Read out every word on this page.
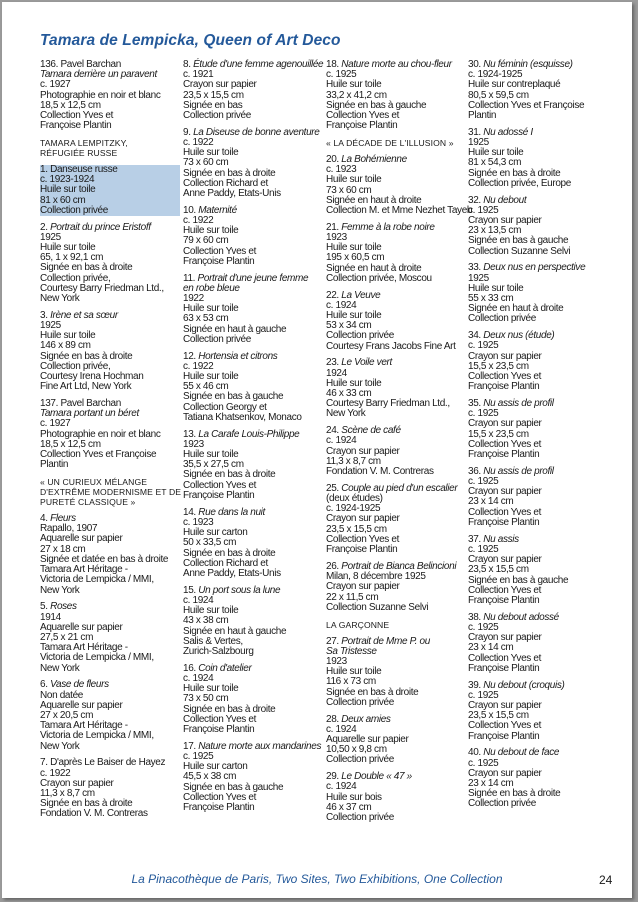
Tamara de Lempicka, Queen of Art Deco
136. Pavel Barchan
Tamara derrière un paravent
c. 1927
Photographie en noir et blanc
18,5 x 12,5 cm
Collection Yves et
Françoise Plantin
TAMARA LEMPITZKY,
RÉFUGIÉE RUSSE
1. Danseuse russe
c. 1923-1924
Huile sur toile
81 x 60 cm
Collection privée
2. Portrait du prince Eristoff
1925
Huile sur toile
65, 1 x 92,1 cm
Signée en bas à droite
Collection privée,
Courtesy Barry Friedman Ltd.,
New York
3. Irène et sa sœur
1925
Huile sur toile
146 x 89 cm
Signée en bas à droite
Collection privée,
Courtesy Irena Hochman
Fine Art Ltd, New York
137. Pavel Barchan
Tamara portant un béret
c. 1927
Photographie en noir et blanc
18,5 x 12,5 cm
Collection Yves et Françoise
Plantin
« UN CURIEUX MÉLANGE
D'EXTRÊME MODERNISME ET DE
PURETÉ CLASSIQUE »
4. Fleurs
Rapallo, 1907
Aquarelle sur papier
27 x 18 cm
Signée et datée en bas à droite
Tamara Art Héritage -
Victoria de Lempicka / MMI,
New York
5. Roses
1914
Aquarelle sur papier
27,5 x 21 cm
Tamara Art Héritage -
Victoria de Lempicka / MMI,
New York
6. Vase de fleurs
Non datée
Aquarelle sur papier
27 x 20,5 cm
Tamara Art Héritage -
Victoria de Lempicka / MMI,
New York
7. D'après Le Baiser de Hayez
c. 1922
Crayon sur papier
11,3 x 8,7 cm
Signée en bas à droite
Fondation V. M. Contreras
8. Étude d'une femme agenouillée
c. 1921
Crayon sur papier
23,5 x 15,5 cm
Signée en bas
Collection privée
9. La Diseuse de bonne aventure
c. 1922
Huile sur toile
73 x 60 cm
Signée en bas à droite
Collection Richard et
Anne Paddy, Etats-Unis
10. Maternité
c. 1922
Huile sur toile
79 x 60 cm
Collection Yves et
Françoise Plantin
11. Portrait d'une jeune femme
en robe bleue
1922
Huile sur toile
63 x 53 cm
Signée en haut à gauche
Collection privée
12. Hortensia et citrons
c. 1922
Huile sur toile
55 x 46 cm
Signée en bas à gauche
Collection Georgy et
Tatiana Khatsenkov, Monaco
13. La Carafe Louis-Philippe
1923
Huile sur toile
35,5 x 27,5 cm
Signée en bas à droite
Collection Yves et
Françoise Plantin
14. Rue dans la nuit
c. 1923
Huile sur carton
50 x 33,5 cm
Signée en bas à droite
Collection Richard et
Anne Paddy, Etats-Unis
15. Un port sous la lune
c. 1924
Huile sur toile
43 x 38 cm
Signée en haut à gauche
Salis & Vertes,
Zurich-Salzbourg
16. Coin d'atelier
c. 1924
Huile sur toile
73 x 50 cm
Signée en bas à droite
Collection Yves et
Françoise Plantin
17. Nature morte aux mandarines
c. 1925
Huile sur carton
45,5 x 38 cm
Signée en bas à gauche
Collection Yves et
Françoise Plantin
18. Nature morte au chou-fleur
c. 1925
Huile sur toile
33,2 x 41,2 cm
Signée en bas à gauche
Collection Yves et
Françoise Plantin
« LA DÉCADE DE L'ILLUSION »
20. La Bohémienne
c. 1923
Huile sur toile
73 x 60 cm
Signée en haut à droite
Collection M. et Mme Nezhet Tayeb
21. Femme à la robe noire
1923
Huile sur toile
195 x 60,5 cm
Signée en haut à droite
Collection privée, Moscou
22. La Veuve
c. 1924
Huile sur toile
53 x 34 cm
Collection privée
Courtesy Frans Jacobs Fine Art
23. Le Voile vert
1924
Huile sur toile
46 x 33 cm
Courtesy Barry Friedman Ltd.,
New York
24. Scène de café
c. 1924
Crayon sur papier
11,3 x 8,7 cm
Fondation V. M. Contreras
25. Couple au pied d'un escalier
(deux études)
c. 1924-1925
Crayon sur papier
23,5 x 15,5 cm
Collection Yves et
Françoise Plantin
26. Portrait de Bianca Belincioni
Milan, 8 décembre 1925
Crayon sur papier
22 x 11,5 cm
Collection Suzanne Selvi
LA GARÇONNE
27. Portrait de Mme P. ou
Sa Tristesse
1923
Huile sur toile
116 x 73 cm
Signée en bas à droite
Collection privée
28. Deux amies
c. 1924
Aquarelle sur papier
10,50 x 9,8 cm
Collection privée
29. Le Double « 47 »
c. 1924
Huile sur bois
46 x 37 cm
Collection privée
30. Nu féminin (esquisse)
c. 1924-1925
Huile sur contreplaqué
80,5 x 59,5 cm
Collection Yves et Françoise
Plantin
31. Nu adossé I
1925
Huile sur toile
81 x 54,3 cm
Signée en bas à droite
Collection privée, Europe
32. Nu debout
c. 1925
Crayon sur papier
23 x 13,5 cm
Signée en bas à gauche
Collection Suzanne Selvi
33. Deux nus en perspective
1925
Huile sur toile
55 x 33 cm
Signée en haut à droite
Collection privée
34. Deux nus (étude)
c. 1925
Crayon sur papier
15,5 x 23,5 cm
Collection Yves et
Françoise Plantin
35. Nu assis de profil
c. 1925
Crayon sur papier
15,5 x 23,5 cm
Collection Yves et
Françoise Plantin
36. Nu assis de profil
c. 1925
Crayon sur papier
23 x 14 cm
Collection Yves et
Françoise Plantin
37. Nu assis
c. 1925
Crayon sur papier
23,5 x 15,5 cm
Signée en bas à gauche
Collection Yves et
Françoise Plantin
38. Nu debout adossé
c. 1925
Crayon sur papier
23 x 14 cm
Collection Yves et
Françoise Plantin
39. Nu debout (croquis)
c. 1925
Crayon sur papier
23,5 x 15,5 cm
Collection Yves et
Françoise Plantin
40. Nu debout de face
c. 1925
Crayon sur papier
23 x 14 cm
Signée en bas à droite
Collection privée
La Pinacothèque de Paris, Two Sites, Two Exhibitions, One Collection	24
